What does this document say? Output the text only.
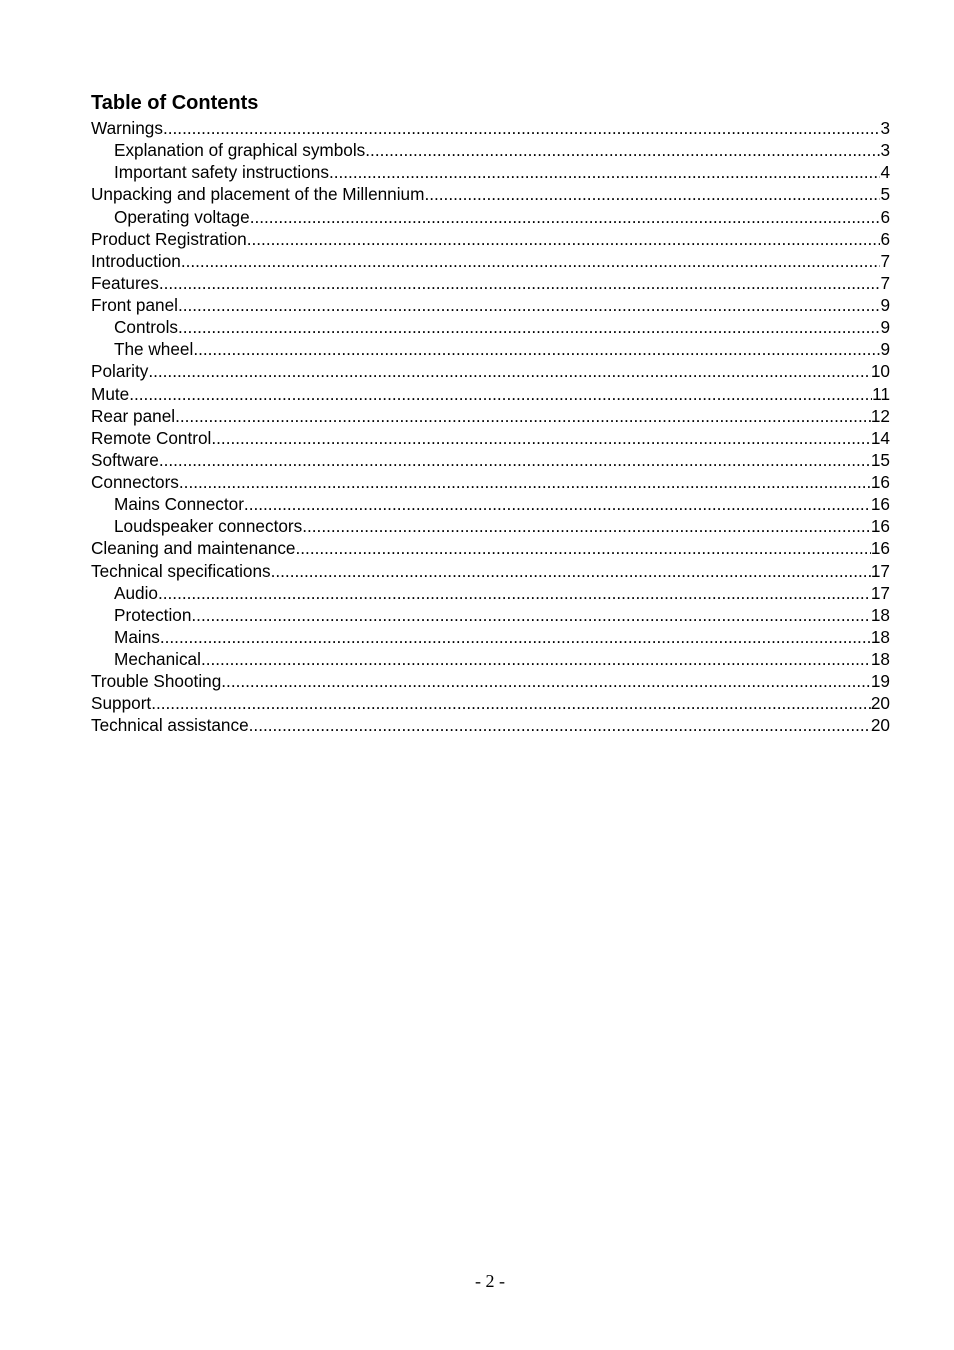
Table of Contents
Warnings .....	3
Explanation of graphical symbols .....	3
Important safety instructions .....	4
Unpacking and placement of the Millennium .....	5
Operating voltage .....	6
Product Registration .....	6
Introduction .....	7
Features .....	7
Front panel .....	9
Controls .....	9
The wheel .....	9
Polarity .....	10
Mute .....	11
Rear panel .....	12
Remote Control .....	14
Software .....	15
Connectors .....	16
Mains Connector .....	16
Loudspeaker connectors .....	16
Cleaning and maintenance .....	16
Technical specifications .....	17
Audio .....	17
Protection .....	18
Mains .....	18
Mechanical .....	18
Trouble Shooting .....	19
Support .....	20
Technical assistance .....	20
- 2 -
